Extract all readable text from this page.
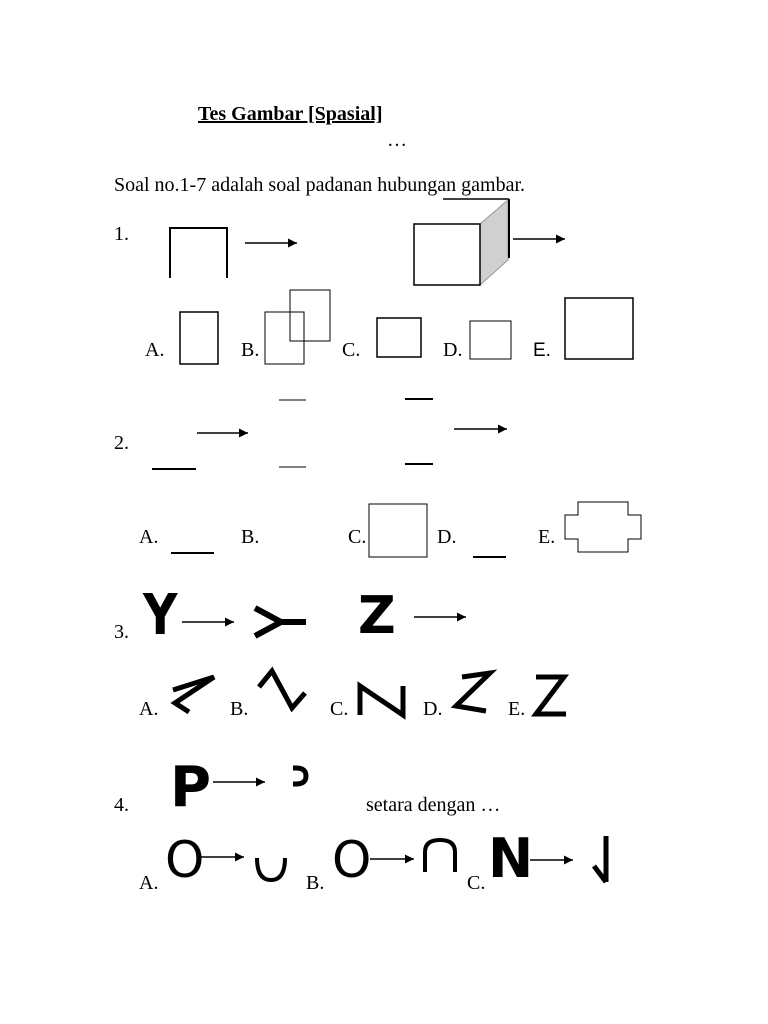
Tes Gambar [Spasial]
…
Soal no.1-7 adalah soal padanan hubungan gambar.
1.
2.
3.
4.
A.	B.	C.	D.	E.
A.	B.	C.	D.	E.
A.	B.	C.	D.	E.
setara dengan …
A.	B.	C.
Y	Z
P
O	O N
